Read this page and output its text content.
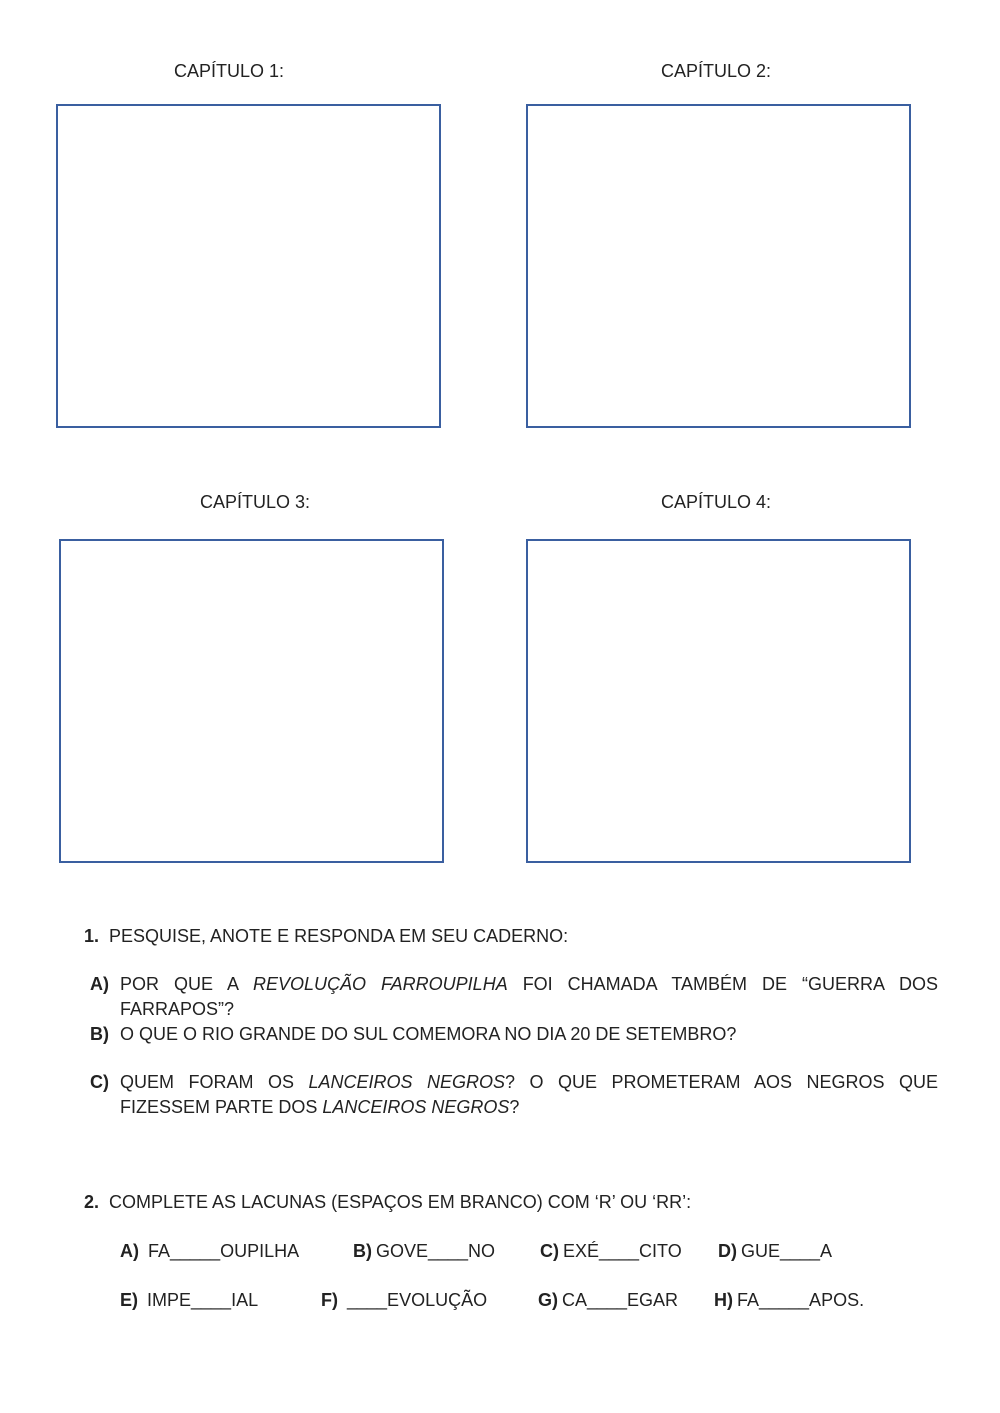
CAPÍTULO 1:	CAPÍTULO 2:
CAPÍTULO 3:	CAPÍTULO 4:
1. PESQUISE, ANOTE E RESPONDA EM SEU CADERNO:
A) POR QUE A REVOLUÇÃO FARROUPILHA FOI CHAMADA TAMBÉM DE “GUERRA DOS FARRAPOS”?
B) O QUE O RIO GRANDE DO SUL COMEMORA NO DIA 20 DE SETEMBRO?
C) QUEM FORAM OS LANCEIROS NEGROS? O QUE PROMETERAM AOS NEGROS QUE FIZESSEM PARTE DOS LANCEIROS NEGROS?
2. COMPLETE AS LACUNAS (ESPAÇOS EM BRANCO) COM ‘R’ OU ‘RR’:
A) FA_____OUPILHA	B) GOVE____NO C) EXÉ____CITO D) GUE____A
E) IMPE____IAL	F) ____EVOLUÇÃO	G) CA____EGAR H) FA_____APOS.
